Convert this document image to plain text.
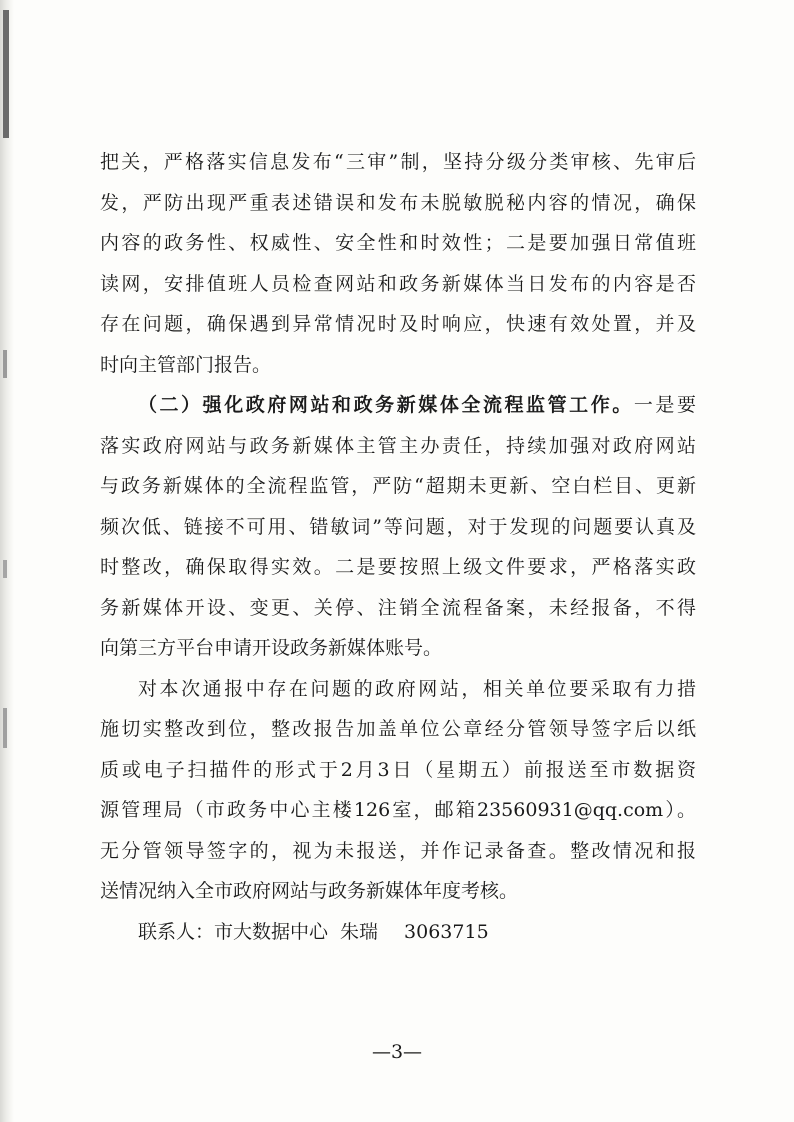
把关，严格落实信息发布“三审”制，坚持分级分类审核、先审后
发，严防出现严重表述错误和发布未脱敏脱秘内容的情况，确保
内容的政务性、权威性、安全性和时效性；二是要加强日常值班
读网，安排值班人员检查网站和政务新媒体当日发布的内容是否
存在问题，确保遇到异常情况时及时响应，快速有效处置，并及
时向主管部门报告。
（二）强化政府网站和政务新媒体全流程监管工作。一是要
落实政府网站与政务新媒体主管主办责任，持续加强对政府网站
与政务新媒体的全流程监管，严防“超期未更新、空白栏目、更新
频次低、链接不可用、错敏词”等问题，对于发现的问题要认真及
时整改，确保取得实效。二是要按照上级文件要求，严格落实政
务新媒体开设、变更、关停、注销全流程备案，未经报备，不得
向第三方平台申请开设政务新媒体账号。
对本次通报中存在问题的政府网站，相关单位要采取有力措
施切实整改到位，整改报告加盖单位公章经分管领导签字后以纸
质或电子扫描件的形式于2月3日（星期五）前报送至市数据资
源管理局（市政务中心主楼126室，邮箱23560931@qq.com）。
无分管领导签字的，视为未报送，并作记录备查。整改情况和报
送情况纳入全市政府网站与政务新媒体年度考核。
联系人：市大数据中心 朱瑞 3063715
—3—
